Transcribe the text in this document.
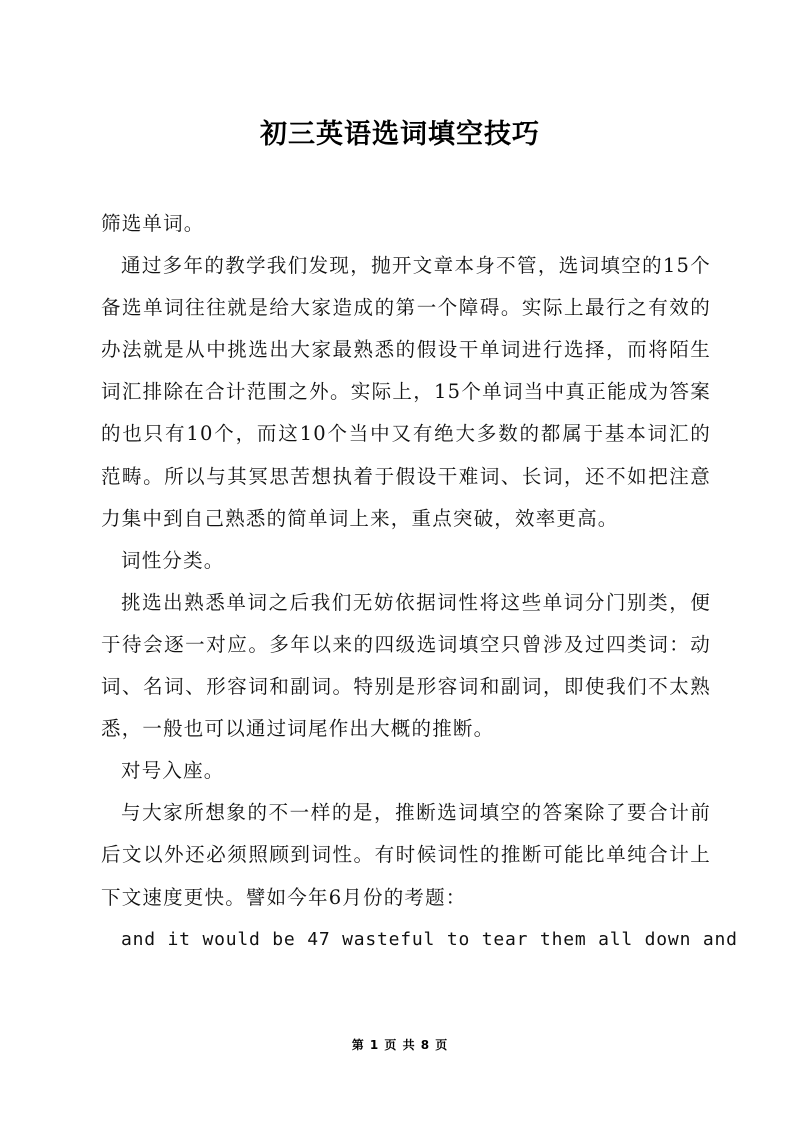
初三英语选词填空技巧

筛选单词。

通过多年的教学我们发现，抛开文章本身不管，选词填空的15个备选单词往往就是给大家造成的第一个障碍。实际上最行之有效的办法就是从中挑选出大家最熟悉的假设干单词进行选择，而将陌生词汇排除在合计范围之外。实际上，15个单词当中真正能成为答案的也只有10个，而这10个当中又有绝大多数的都属于基本词汇的范畴。所以与其冥思苦想执着于假设干难词、长词，还不如把注意力集中到自己熟悉的简单词上来，重点突破，效率更高。

词性分类。

挑选出熟悉单词之后我们无妨依据词性将这些单词分门别类，便于待会逐一对应。多年以来的四级选词填空只曾涉及过四类词：动词、名词、形容词和副词。特别是形容词和副词，即使我们不太熟悉，一般也可以通过词尾作出大概的推断。

对号入座。

与大家所想象的不一样的是，推断选词填空的答案除了要合计前后文以外还必须照顾到词性。有时候词性的推断可能比单纯合计上下文速度更快。譬如今年6月份的考题：

and it would be 47 wasteful to tear them all down and

第 1 页 共 8 页
